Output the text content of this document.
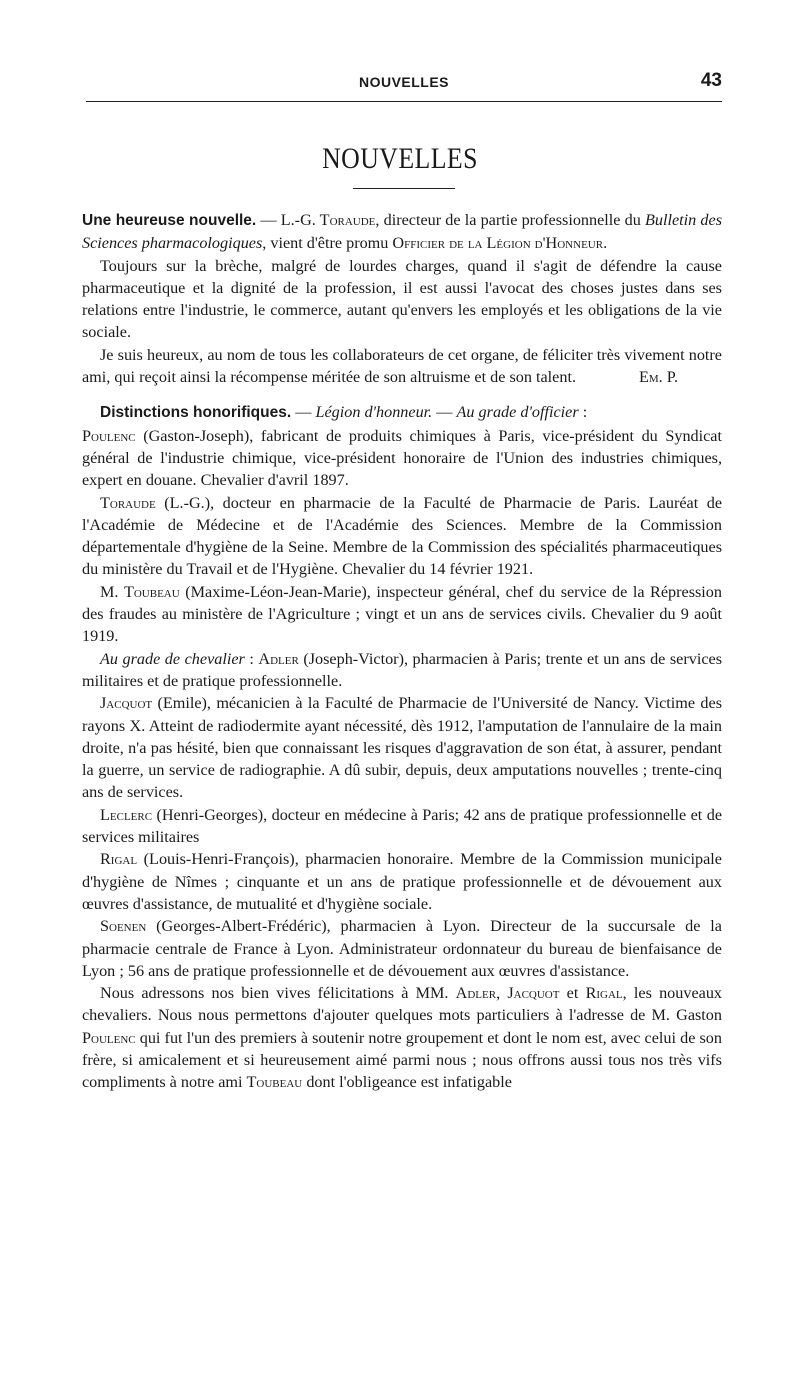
NOUVELLES	43
NOUVELLES

Une heureuse nouvelle. — L.-G. Toraude, directeur de la partie professionnelle du Bulletin des Sciences pharmacologiques, vient d'être promu Officier de la Légion d'Honneur.

Toujours sur la brèche, malgré de lourdes charges, quand il s'agit de défendre la cause pharmaceutique et la dignité de la profession, il est aussi l'avocat des choses justes dans ses relations entre l'industrie, le commerce, autant qu'envers les employés et les obligations de la vie sociale.

Je suis heureux, au nom de tous les collaborateurs de cet organe, de féliciter très vivement notre ami, qui reçoit ainsi la récompense méritée de son altruisme et de son talent.	Em. P.

Distinctions honorifiques. — Légion d'honneur. — Au grade d'officier :
Poulenc (Gaston-Joseph), fabricant de produits chimiques à Paris, vice-président du Syndicat général de l'industrie chimique, vice-président honoraire de l'Union des industries chimiques, expert en douane. Chevalier d'avril 1897.

Toraude (L.-G.), docteur en pharmacie de la Faculté de Pharmacie de Paris. Lauréat de l'Académie de Médecine et de l'Académie des Sciences. Membre de la Commission départementale d'hygiène de la Seine. Membre de la Commission des spécialités pharmaceutiques du ministère du Travail et de l'Hygiène. Chevalier du 14 février 1921.

M. Toubeau (Maxime-Léon-Jean-Marie), inspecteur général, chef du service de la Répression des fraudes au ministère de l'Agriculture ; vingt et un ans de services civils. Chevalier du 9 août 1919.

Au grade de chevalier : Adler (Joseph-Victor), pharmacien à Paris; trente et un ans de services militaires et de pratique professionnelle.

Jacquot (Emile), mécanicien à la Faculté de Pharmacie de l'Université de Nancy. Victime des rayons X. Atteint de radiodermite ayant nécessité, dès 1912, l'amputation de l'annulaire de la main droite, n'a pas hésité, bien que connaissant les risques d'aggravation de son état, à assurer, pendant la guerre, un service de radiographie. A dû subir, depuis, deux amputations nouvelles ; trente-cinq ans de services.

Leclerc (Henri-Georges), docteur en médecine à Paris; 42 ans de pratique professionnelle et de services militaires

Rigal (Louis-Henri-François), pharmacien honoraire. Membre de la Commission municipale d'hygiène de Nîmes ; cinquante et un ans de pratique professionnelle et de dévouement aux œuvres d'assistance, de mutualité et d'hygiène sociale.

Soenen (Georges-Albert-Frédéric), pharmacien à Lyon. Directeur de la succursale de la pharmacie centrale de France à Lyon. Administrateur ordonnateur du bureau de bienfaisance de Lyon ; 56 ans de pratique professionnelle et de dévouement aux œuvres d'assistance.

Nous adressons nos bien vives félicitations à MM. Adler, Jacquot et Rigal, les nouveaux chevaliers. Nous nous permettons d'ajouter quelques mots particuliers à l'adresse de M. Gaston Poulenc qui fut l'un des premiers à soutenir notre groupement et dont le nom est, avec celui de son frère, si amicalement et si heureusement aimé parmi nous ; nous offrons aussi tous nos très vifs compliments à notre ami Toubeau dont l'obligeance est infatigable
